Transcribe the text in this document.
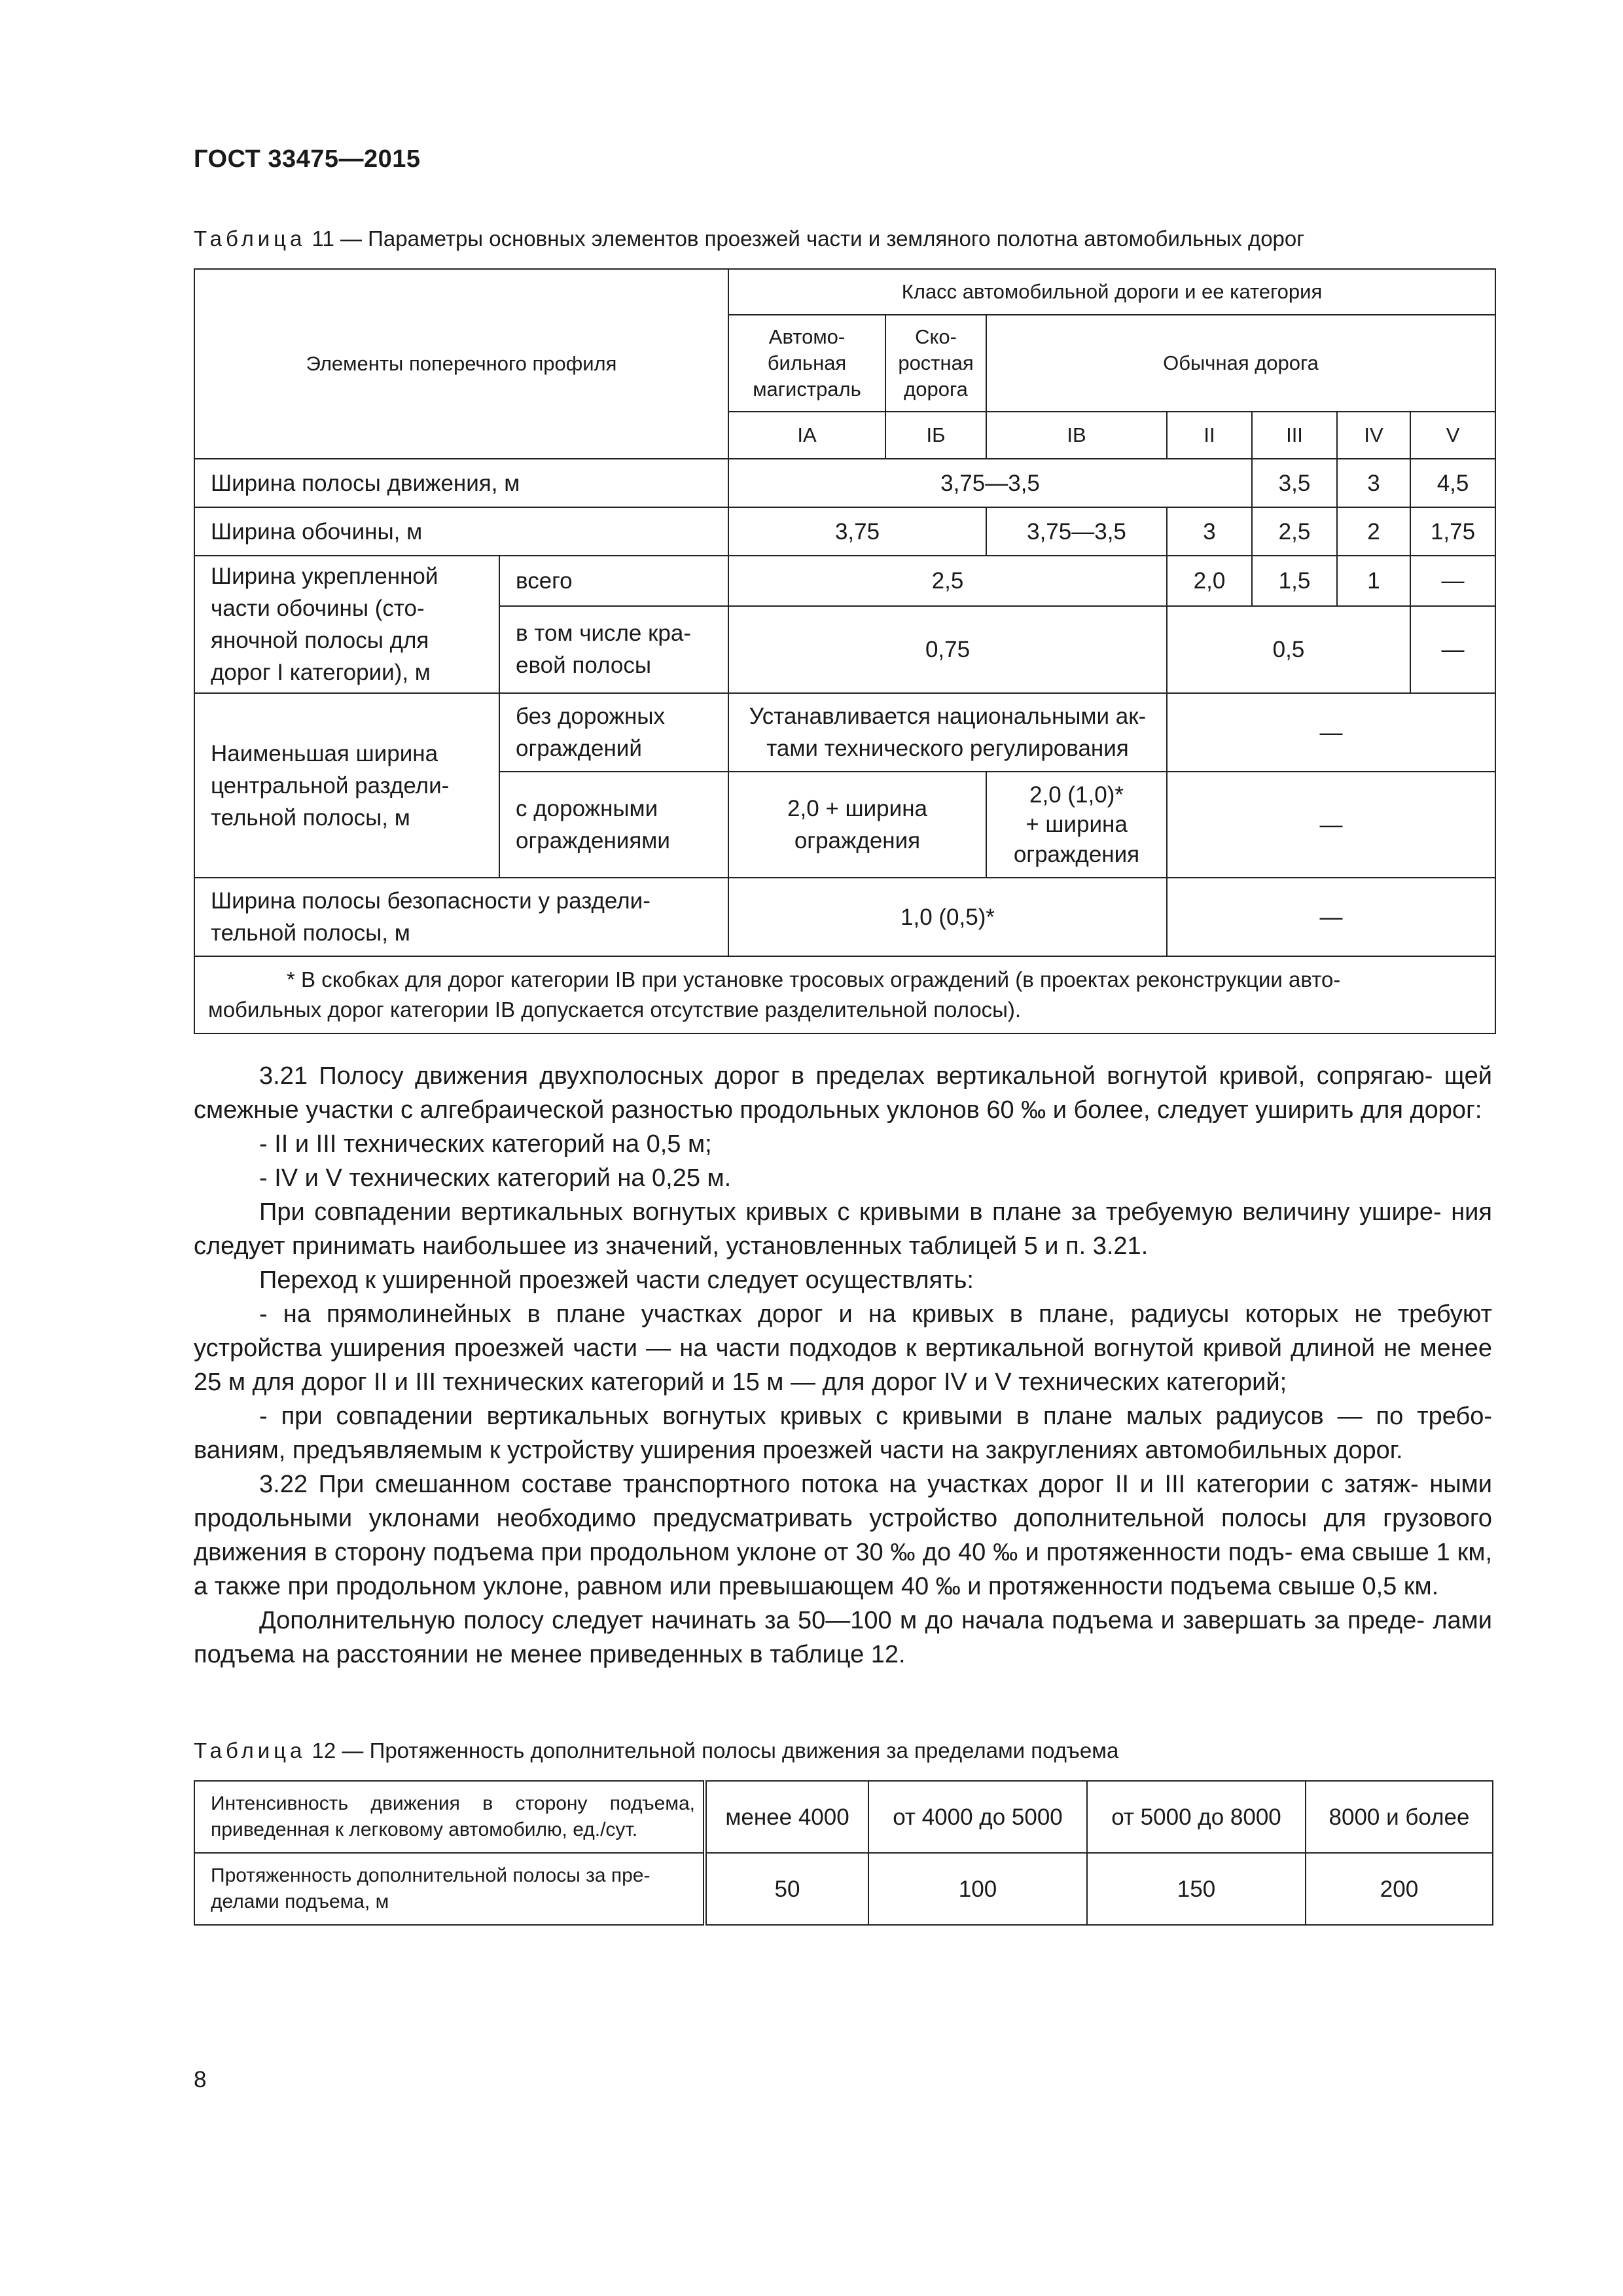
ГОСТ 33475—2015
Таблица 11 — Параметры основных элементов проезжей части и земляного полотна автомобильных дорог
Элементы поперечного профиля		Класс автомобильной дороги и ее категория						
		Автомо-
бильная
магистраль	Ско-
ростная
дорога	Обычная дорога				
		IA	IБ	IB	II	III	IV	V
Ширина полосы движения, м		3,75—3,5				3,5	3	4,5
Ширина обочины, м		3,75		3,75—3,5	3	2,5	2	1,75
Ширина укрепленной части обочины (сто-
яночной полосы для дорог I категории), м	всего	2,5			2,0	1,5	1	—
	в том числе кра-
евой полосы	0,75			0,5			—
Наименьшая ширина центральной раздели-
тельной полосы, м	без дорожных
ограждений	Устанавливается национальными ак-
тами технического регулирования			—			
	с дорожными
ограждениями	2,0 + ширина
ограждения		2,0 (1,0)*
+ ширина
ограждения	—			
Ширина полосы безопасности у раздели-
тельной полосы, м		1,0 (0,5)*			—			
* В скобках для дорог категории IB при установке тросовых ограждений (в проектах реконструкции авто-
мобильных дорог категории IB допускается отсутствие разделительной полосы).								

3.21 Полосу движения двухполосных дорог в пределах вертикальной вогнутой кривой, сопрягаю- щей смежные участки с алгебраической разностью продольных уклонов 60 ‰ и более, следует уширить для дорог:

- II и III технических категорий на 0,5 м;

- IV и V технических категорий на 0,25 м.

При совпадении вертикальных вогнутых кривых с кривыми в плане за требуемую величину ушире- ния следует принимать наибольшее из значений, установленных таблицей 5 и п. 3.21.

Переход к уширенной проезжей части следует осуществлять:

- на прямолинейных в плане участках дорог и на кривых в плане, радиусы которых не требуют устройства уширения проезжей части — на части подходов к вертикальной вогнутой кривой длиной не менее 25 м для дорог II и III технических категорий и 15 м — для дорог IV и V технических категорий;

- при совпадении вертикальных вогнутых кривых с кривыми в плане малых радиусов — по требо- ваниям, предъявляемым к устройству уширения проезжей части на закруглениях автомобильных дорог.

3.22 При смешанном составе транспортного потока на участках дорог II и III категории с затяж- ными продольными уклонами необходимо предусматривать устройство дополнительной полосы для грузового движения в сторону подъема при продольном уклоне от 30 ‰ до 40 ‰ и протяженности подъ- ема свыше 1 км, а также при продольном уклоне, равном или превышающем 40 ‰ и протяженности подъема свыше 0,5 км.

Дополнительную полосу следует начинать за 50—100 м до начала подъема и завершать за преде- лами подъема на расстоянии не менее приведенных в таблице 12.

Таблица 12 — Протяженность дополнительной полосы движения за пределами подъема
Интенсивность движения в сторону подъема, приведенная к легковому автомобилю, ед./сут.	менее 4000	от 4000 до 5000	от 5000 до 8000	8000 и более
Протяженность дополнительной полосы за пре-
делами подъема, м	50	100	150	200
8
